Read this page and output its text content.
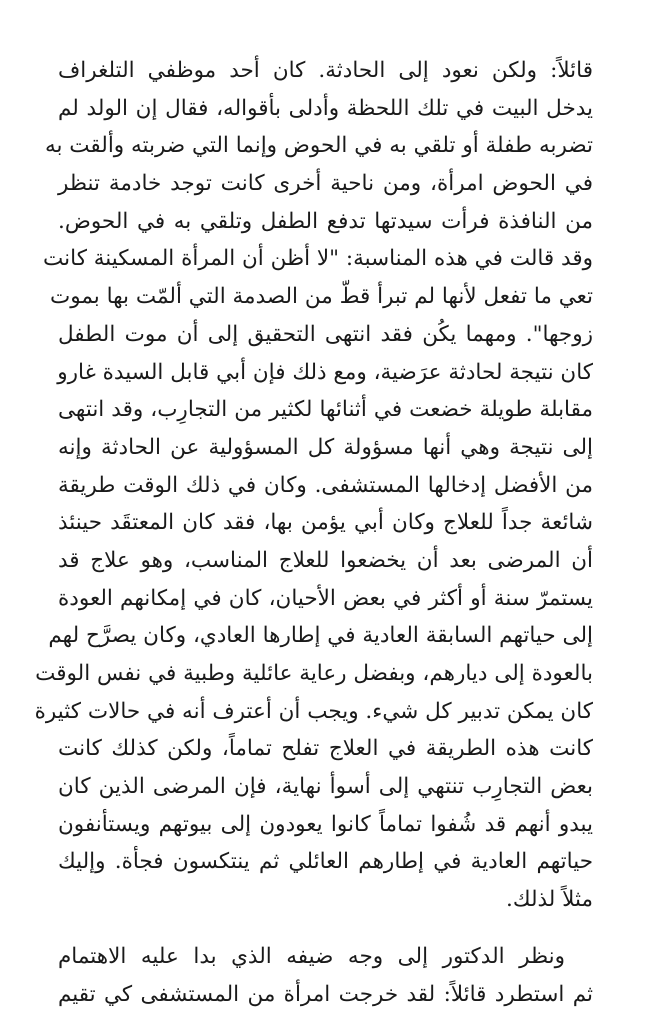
قائلاً: ولكن نعود إلى الحادثة. كان أحد موظفي التلغراف
يدخل البيت في تلك اللحظة وأدلى بأقواله، فقال إن الولد لم
تضربه طفلة أو تلقي به في الحوض وإنما التي ضربته وألقت به
في الحوض امرأة، ومن ناحية أخرى كانت توجد خادمة تنظر
من النافذة فرأت سيدتها تدفع الطفل وتلقي به في الحوض.
وقد قالت في هذه المناسبة: "لا أظن أن المرأة المسكينة كانت
تعي ما تفعل لأنها لم تبرأ قطّ من الصدمة التي ألمّت بها بموت
زوجها". ومهما يكُن فقد انتهى التحقيق إلى أن موت الطفل
كان نتيجة لحادثة عرَضية، ومع ذلك فإن أبي قابل السيدة غارو
مقابلة طويلة خضعت في أثنائها لكثير من التجارِب، وقد انتهى
إلى نتيجة وهي أنها مسؤولة كل المسؤولية عن الحادثة وإنه
من الأفضل إدخالها المستشفى. وكان في ذلك الوقت طريقة
شائعة جداً للعلاج وكان أبي يؤمن بها، فقد كان المعتقَد حينئذ
أن المرضى بعد أن يخضعوا للعلاج المناسب، وهو علاج قد
يستمرّ سنة أو أكثر في بعض الأحيان، كان في إمكانهم العودة
إلى حياتهم السابقة العادية في إطارها العادي، وكان يصرَّح لهم
بالعودة إلى ديارهم، وبفضل رعاية عائلية وطبية في نفس الوقت
كان يمكن تدبير كل شيء. ويجب أن أعترف أنه في حالات كثيرة
كانت هذه الطريقة في العلاج تفلح تماماً، ولكن كذلك كانت
بعض التجارِب تنتهي إلى أسوأ نهاية، فإن المرضى الذين كان
يبدو أنهم قد شُفوا تماماً كانوا يعودون إلى بيوتهم ويستأنفون
حياتهم العادية في إطارهم العائلي ثم ينتكسون فجأة. وإليك
مثلاً لذلك.
ونظر الدكتور إلى وجه ضيفه الذي بدا عليه الاهتمام
ثم استطرد قائلاً: لقد خرجت امرأة من المستشفى كي تقيم
